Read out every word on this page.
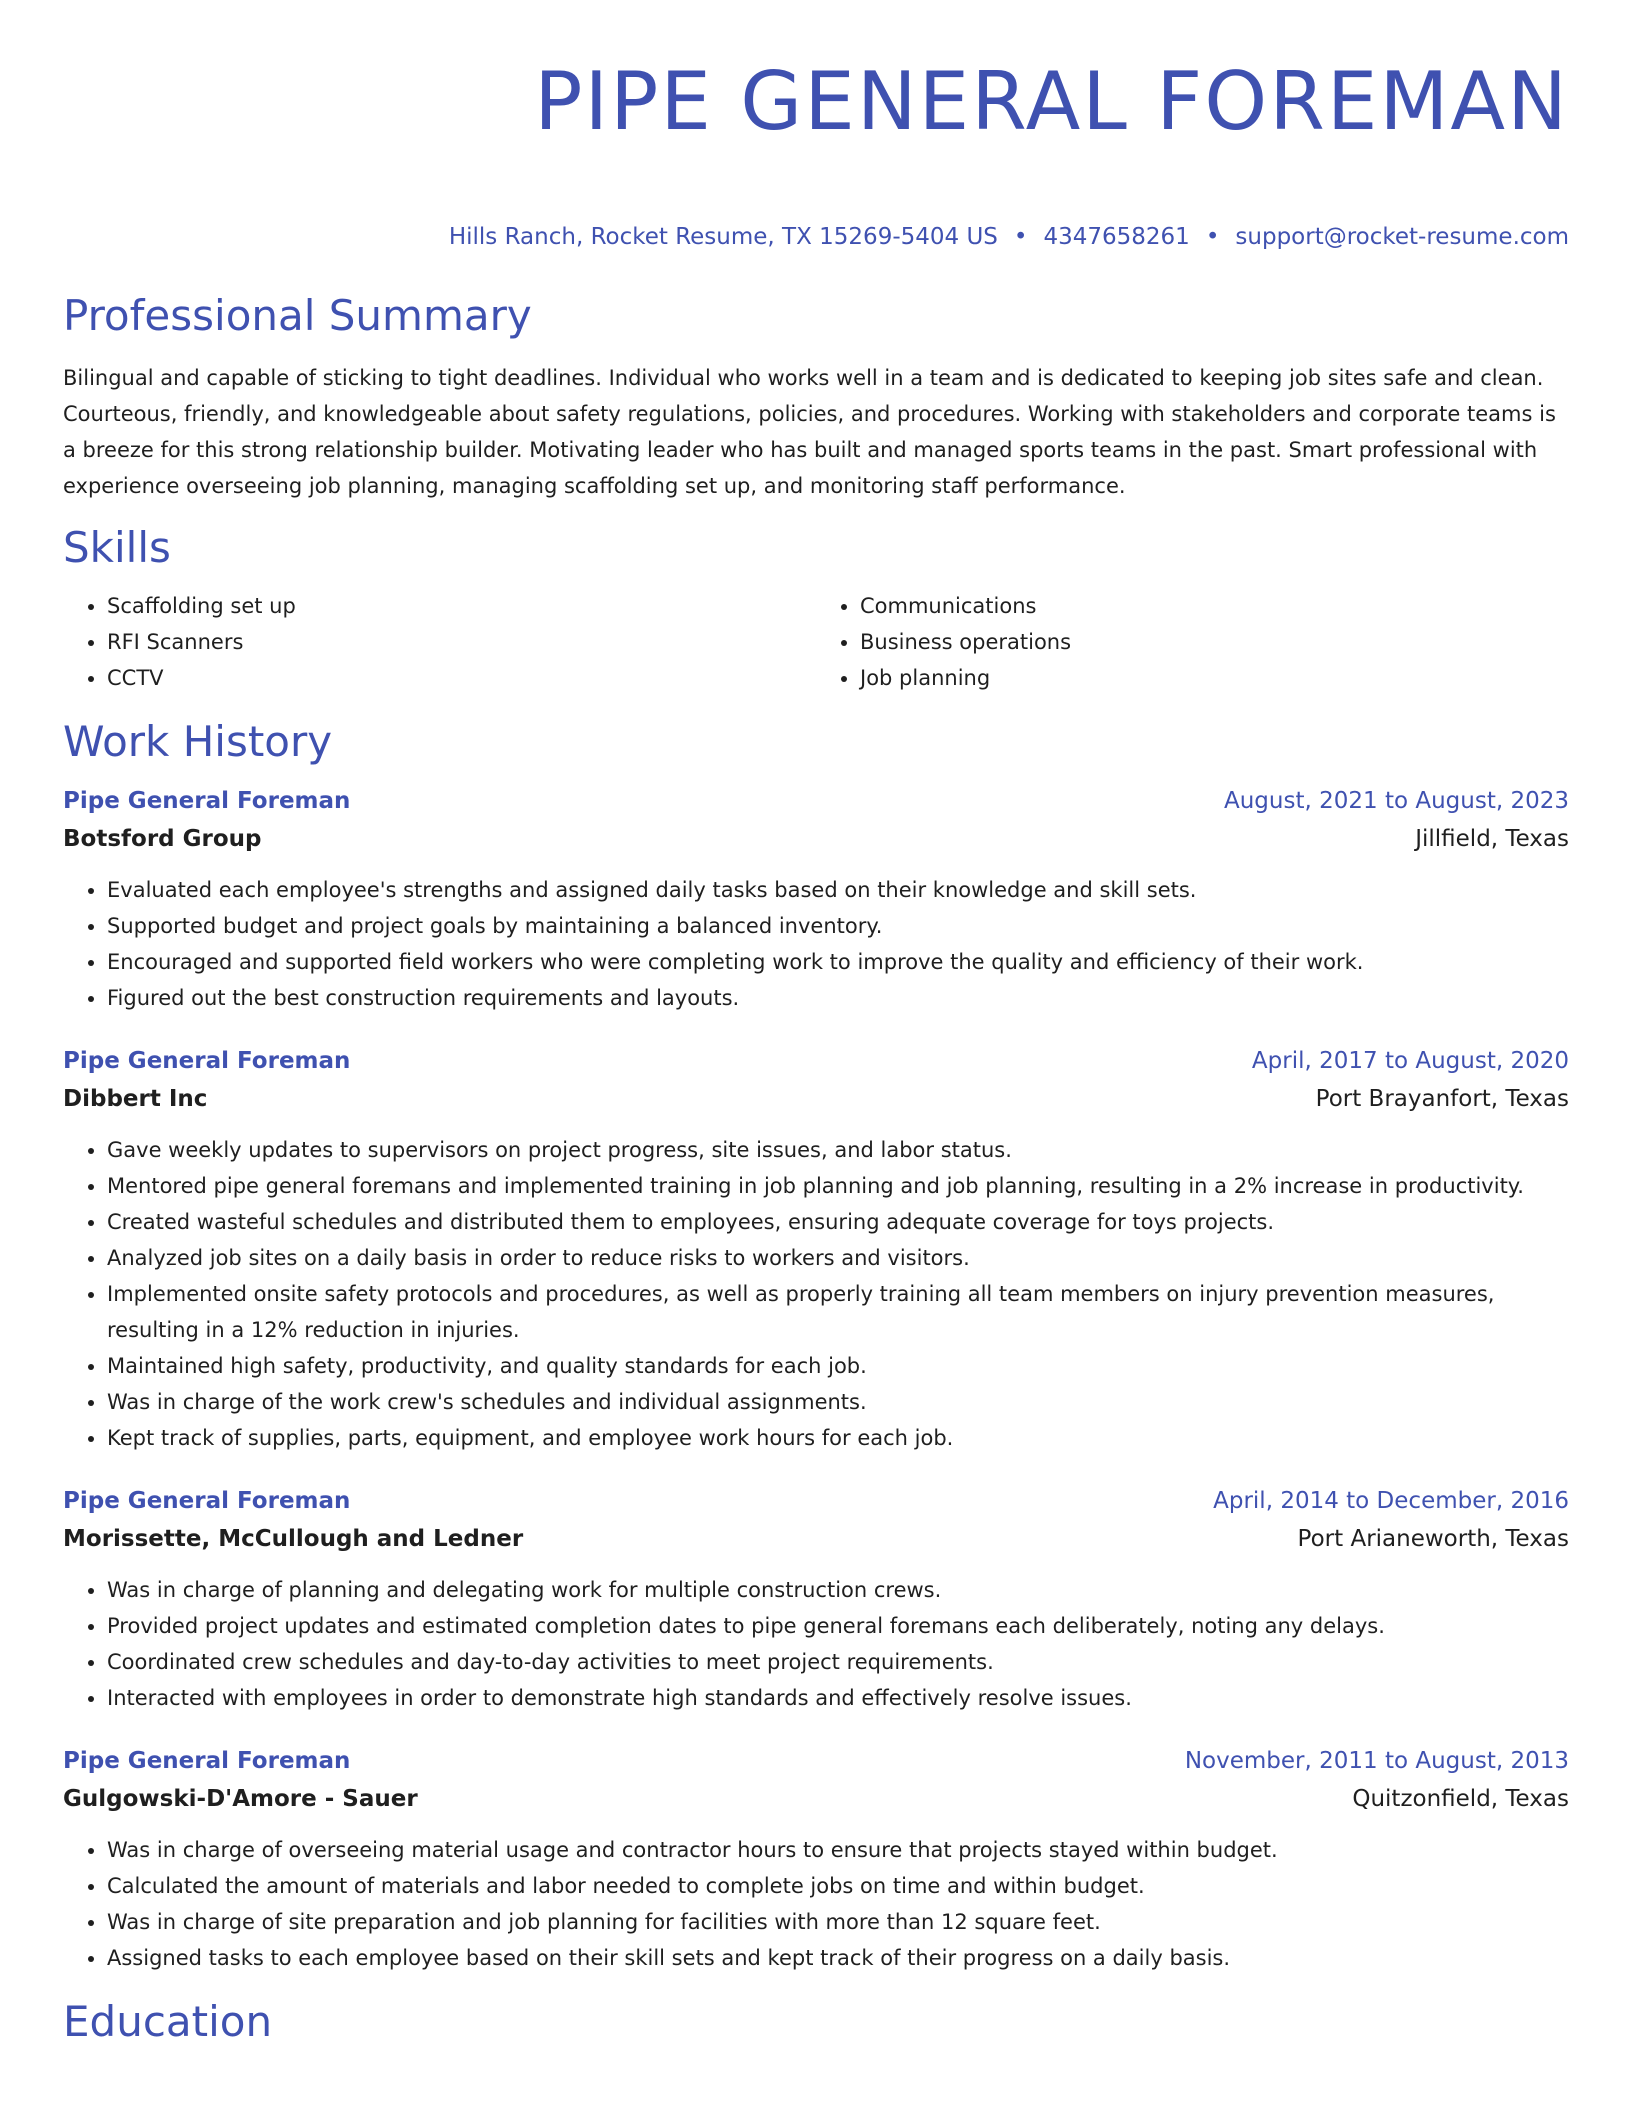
PIPE GENERAL FOREMAN
Hills Ranch, Rocket Resume, TX 15269-5404 US • 4347658261 • support@rocket-resume.com
Professional Summary

Bilingual and capable of sticking to tight deadlines. Individual who works well in a team and is dedicated to keeping job sites safe and clean. Courteous, friendly, and knowledgeable about safety regulations, policies, and procedures. Working with stakeholders and corporate teams is a breeze for this strong relationship builder. Motivating leader who has built and managed sports teams in the past. Smart professional with experience overseeing job planning, managing scaffolding set up, and monitoring staff performance.

Skills
• Scaffolding set up
• RFI Scanners
• CCTV
• Communications
• Business operations
• Job planning
Work History
Pipe General Foreman	August, 2021 to August, 2023
Botsford Group	Jillfield, Texas
• Evaluated each employee's strengths and assigned daily tasks based on their knowledge and skill sets.
• Supported budget and project goals by maintaining a balanced inventory.
• Encouraged and supported field workers who were completing work to improve the quality and efficiency of their work.
• Figured out the best construction requirements and layouts.
Pipe General Foreman	April, 2017 to August, 2020
Dibbert Inc	Port Brayanfort, Texas
• Gave weekly updates to supervisors on project progress, site issues, and labor status.
• Mentored pipe general foremans and implemented training in job planning and job planning, resulting in a 2% increase in productivity.
• Created wasteful schedules and distributed them to employees, ensuring adequate coverage for toys projects.
• Analyzed job sites on a daily basis in order to reduce risks to workers and visitors.
• Implemented onsite safety protocols and procedures, as well as properly training all team members on injury prevention measures, resulting in a 12% reduction in injuries.
• Maintained high safety, productivity, and quality standards for each job.
• Was in charge of the work crew's schedules and individual assignments.
• Kept track of supplies, parts, equipment, and employee work hours for each job.
Pipe General Foreman	April, 2014 to December, 2016
Morissette, McCullough and Ledner	Port Arianeworth, Texas
• Was in charge of planning and delegating work for multiple construction crews.
• Provided project updates and estimated completion dates to pipe general foremans each deliberately, noting any delays.
• Coordinated crew schedules and day-to-day activities to meet project requirements.
• Interacted with employees in order to demonstrate high standards and effectively resolve issues.
Pipe General Foreman	November, 2011 to August, 2013
Gulgowski-D'Amore - Sauer	Quitzonfield, Texas
• Was in charge of overseeing material usage and contractor hours to ensure that projects stayed within budget.
• Calculated the amount of materials and labor needed to complete jobs on time and within budget.
• Was in charge of site preparation and job planning for facilities with more than 12 square feet.
• Assigned tasks to each employee based on their skill sets and kept track of their progress on a daily basis.
Education
